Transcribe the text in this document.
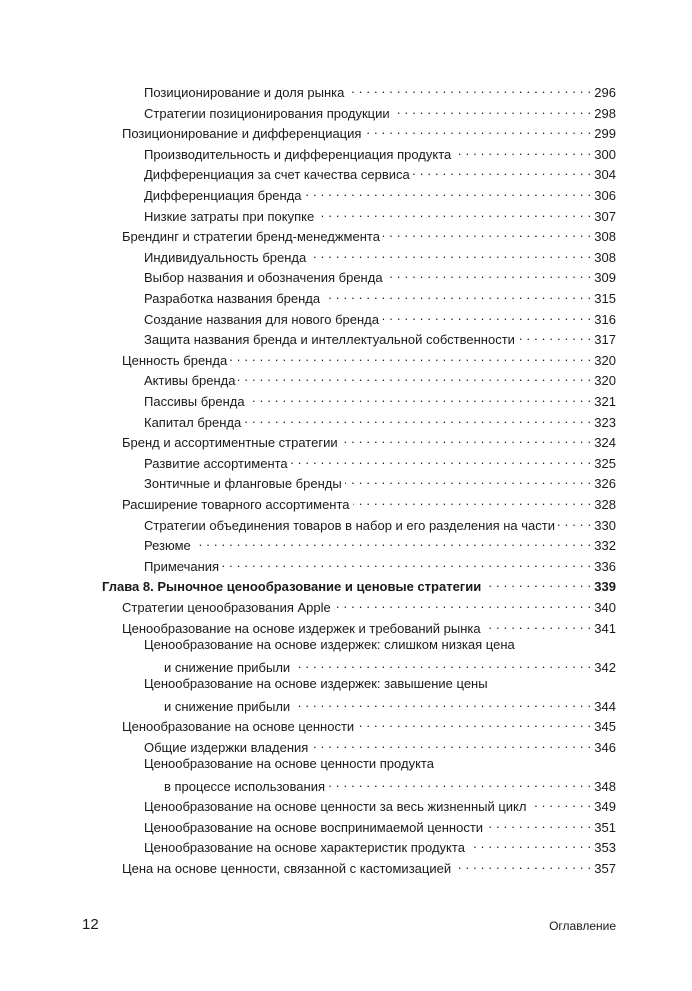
Позиционирование и доля рынка . . .	296
Стратегии позиционирования продукции . . .	298
Позиционирование и дифференциация . . .	299
Производительность и дифференциация продукта . . .	300
Дифференциация за счет качества сервиса . . .	304
Дифференциация бренда . . .	306
Низкие затраты при покупке . . .	307
Брендинг и стратегии бренд-менеджмента . . .	308
Индивидуальность бренда . . .	308
Выбор названия и обозначения бренда . . .	309
Разработка названия бренда . . .	315
Создание названия для нового бренда . . .	316
Защита названия бренда и интеллектуальной собственности . . .	317
Ценность бренда . . .	320
Активы бренда . . .	320
Пассивы бренда . . .	321
Капитал бренда . . .	323
Бренд и ассортиментные стратегии . . .	324
Развитие ассортимента . . .	325
Зонтичные и фланговые бренды . . .	326
Расширение товарного ассортимента . . .	328
Стратегии объединения товаров в набор и его разделения на части . . .	330
Резюме . . .	332
Примечания . . .	336
Глава 8. Рыночное ценообразование и ценовые стратегии . . .	339
Стратегии ценообразования Apple . . .	340
Ценообразование на основе издержек и требований рынка . . .	341
Ценообразование на основе издержек: слишком низкая цена
и снижение прибыли . . .	342
Ценообразование на основе издержек: завышение цены
и снижение прибыли . . .	344
Ценообразование на основе ценности . . .	345
Общие издержки владения . . .	346
Ценообразование на основе ценности продукта
в процессе использования . . .	348
Ценообразование на основе ценности за весь жизненный цикл . . .	349
Ценообразование на основе воспринимаемой ценности . . .	351
Ценообразование на основе характеристик продукта . . .	353
Цена на основе ценности, связанной с кастомизацией . . .	357
12	Оглавление
